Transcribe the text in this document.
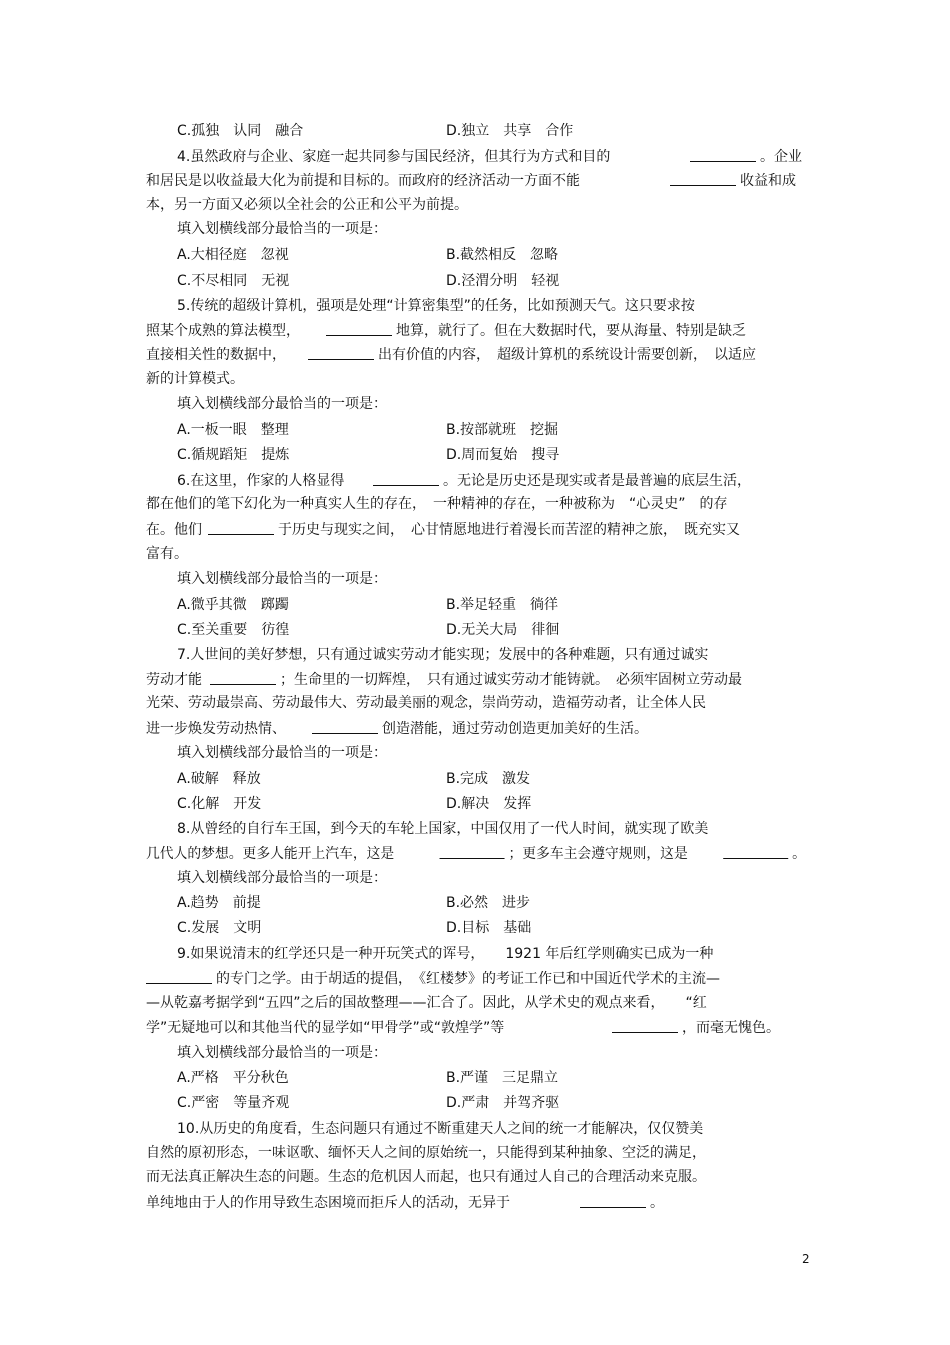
C.孤独　认同　融合	D.独立　共享　合作
4.虽然政府与企业、家庭一起共同参与国民经济，但其行为方式和目的	。企业
和居民是以收益最大化为前提和目标的。而政府的经济活动一方面不能	收益和成
本，另一方面又必须以全社会的公正和公平为前提。
填入划横线部分最恰当的一项是：
A.大相径庭　忽视	B.截然相反　忽略
C.不尽相同　无视	D.泾渭分明　轻视
5.传统的超级计算机，强项是处理“计算密集型”的任务，比如预测天气。这只要求按
照某个成熟的算法模型，	地算，就行了。但在大数据时代，要从海量、特别是缺乏
直接相关性的数据中，	出有价值的内容，　超级计算机的系统设计需要创新，　以适应
新的计算模式。
填入划横线部分最恰当的一项是：
A.一板一眼　整理	B.按部就班　挖掘
C.循规蹈矩　提炼	D.周而复始　搜寻
6.在这里，作家的人格显得	。无论是历史还是现实或者是最普遍的底层生活，
都在他们的笔下幻化为一种真实人生的存在，　一种精神的存在，一种被称为　“心灵史”　的存
在。他们	于历史与现实之间，　心甘情愿地进行着漫长而苦涩的精神之旅，　既充实又
富有。
填入划横线部分最恰当的一项是：
A.微乎其微　踯躅	B.举足轻重　徜徉
C.至关重要　彷徨	D.无关大局　徘徊
7.人世间的美好梦想，只有通过诚实劳动才能实现；发展中的各种难题，只有通过诚实
劳动才能	；生命里的一切辉煌，　只有通过诚实劳动才能铸就。　必须牢固树立劳动最
光荣、劳动最崇高、劳动最伟大、劳动最美丽的观念，崇尚劳动，造福劳动者，让全体人民
进一步焕发劳动热情、	创造潜能，通过劳动创造更加美好的生活。
填入划横线部分最恰当的一项是：
A.破解　释放	B.完成　激发
C.化解　开发	D.解决　发挥
8.从曾经的自行车王国，到今天的车轮上国家，中国仅用了一代人时间，就实现了欧美
几代人的梦想。更多人能开上汽车，这是	；更多车主会遵守规则，这是	。
填入划横线部分最恰当的一项是：
A.趋势　前提	B.必然　进步
C.发展　文明	D.目标　基础
9.如果说清末的红学还只是一种开玩笑式的诨号，　　1921 年后红学则确实已成为一种
的专门之学。由于胡适的提倡，　《红楼梦》的考证工作已和中国近代学术的主流—
—从乾嘉考据学到“五四”之后的国故整理——汇合了。因此，从学术史的观点来看，　　“红
学”无疑地可以和其他当代的显学如“甲骨学”或“敦煌学”等	，而毫无愧色。
填入划横线部分最恰当的一项是：
A.严格　平分秋色	B.严谨　三足鼎立
C.严密　等量齐观	D.严肃　并驾齐驱
10.从历史的角度看，生态问题只有通过不断重建天人之间的统一才能解决，仅仅赞美
自然的原初形态，一味讴歌、缅怀天人之间的原始统一，只能得到某种抽象、空泛的满足，
而无法真正解决生态的问题。生态的危机因人而起，也只有通过人自己的合理活动来克服。
单纯地由于人的作用导致生态困境而拒斥人的活动，无异于	。
2
